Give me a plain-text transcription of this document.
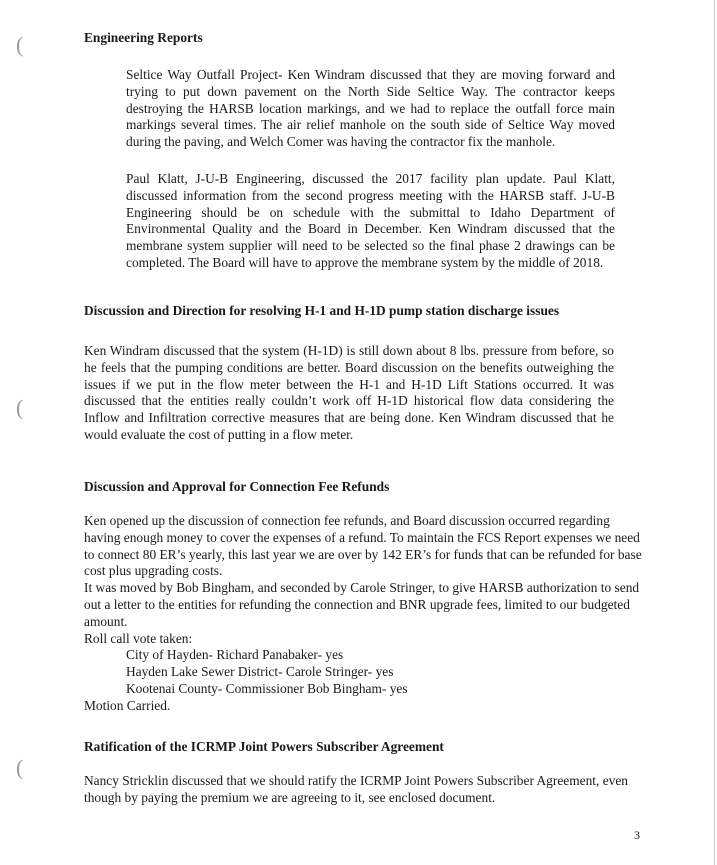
(
(
(
Engineering Reports

Seltice Way Outfall Project- Ken Windram discussed that they are moving forward and trying to put down pavement on the North Side Seltice Way. The contractor keeps destroying the HARSB location markings, and we had to replace the outfall force main markings several times. The air relief manhole on the south side of Seltice Way moved during the paving, and Welch Comer was having the contractor fix the manhole.

Paul Klatt, J-U-B Engineering, discussed the 2017 facility plan update. Paul Klatt, discussed information from the second progress meeting with the HARSB staff. J-U-B Engineering should be on schedule with the submittal to Idaho Department of Environmental Quality and the Board in December. Ken Windram discussed that the membrane system supplier will need to be selected so the final phase 2 drawings can be completed. The Board will have to approve the membrane system by the middle of 2018.

Discussion and Direction for resolving H-1 and H-1D pump station discharge issues

Ken Windram discussed that the system (H-1D) is still down about 8 lbs. pressure from before, so he feels that the pumping conditions are better. Board discussion on the benefits outweighing the issues if we put in the flow meter between the H-1 and H-1D Lift Stations occurred. It was discussed that the entities really couldn’t work off H-1D historical flow data considering the Inflow and Infiltration corrective measures that are being done. Ken Windram discussed that he would evaluate the cost of putting in a flow meter.

Discussion and Approval for Connection Fee Refunds
Ken opened up the discussion of connection fee refunds, and Board discussion occurred regarding having enough money to cover the expenses of a refund. To maintain the FCS Report expenses we need to connect 80 ER’s yearly, this last year we are over by 142 ER’s for funds that can be refunded for base cost plus upgrading costs.
It was moved by Bob Bingham, and seconded by Carole Stringer, to give HARSB authorization to send out a letter to the entities for refunding the connection and BNR upgrade fees, limited to our budgeted amount.
Roll call vote taken:
City of Hayden- Richard Panabaker- yes
Hayden Lake Sewer District- Carole Stringer- yes
Kootenai County- Commissioner Bob Bingham- yes
Motion Carried.
Ratification of the ICRMP Joint Powers Subscriber Agreement

Nancy Stricklin discussed that we should ratify the ICRMP Joint Powers Subscriber Agreement, even though by paying the premium we are agreeing to it, see enclosed document.

3
